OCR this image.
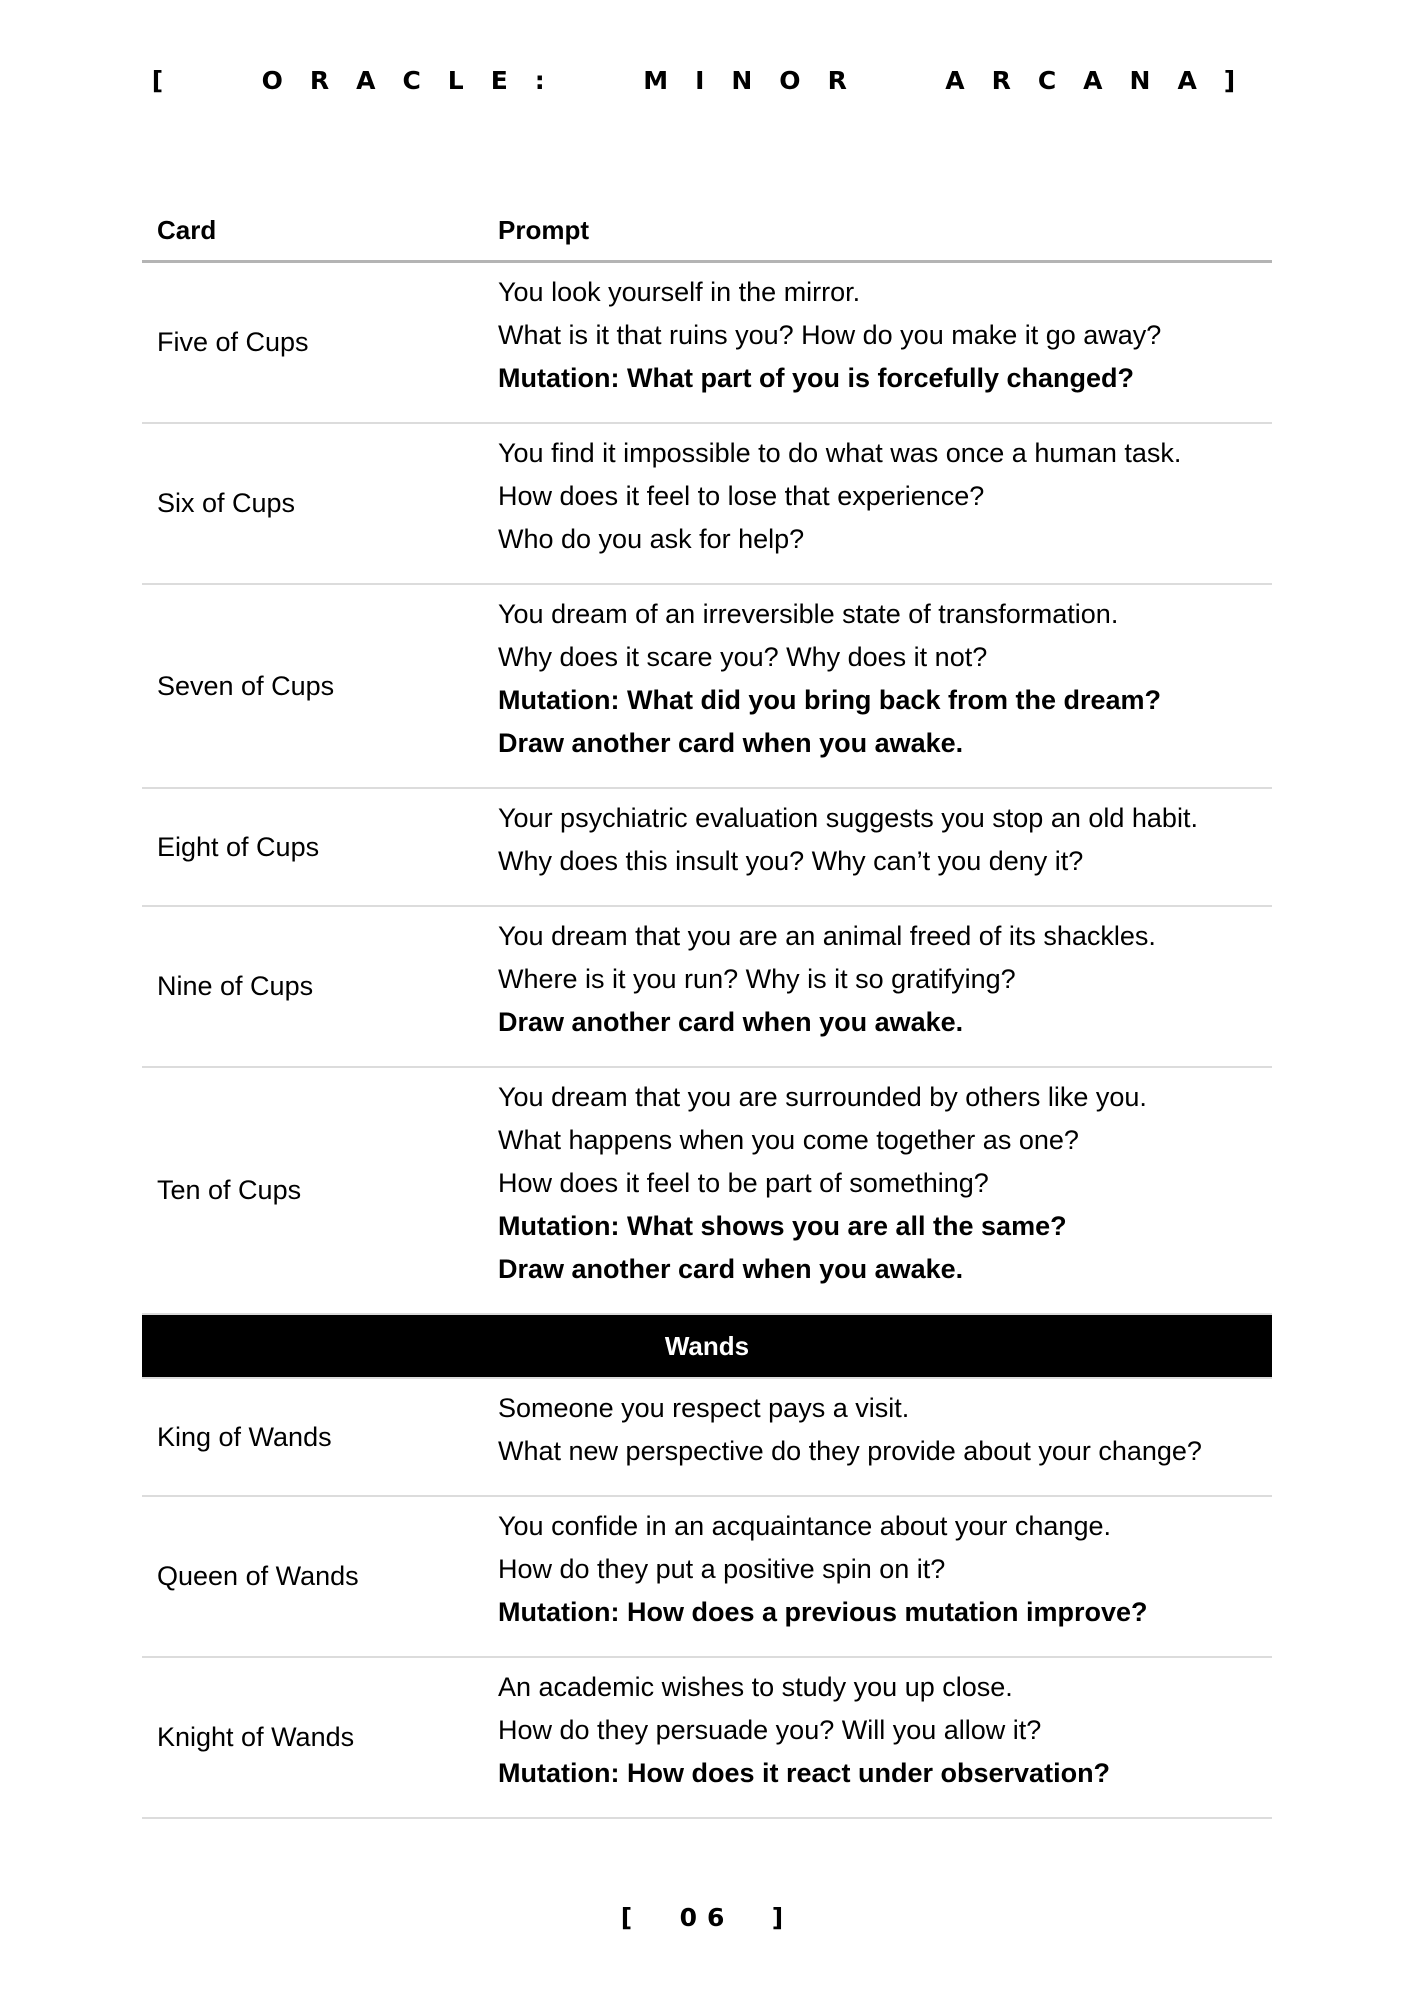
[  ORACLE:  MINOR  ARCANA]
Card	Prompt
Five of Cups
You look yourself in the mirror.
What is it that ruins you? How do you make it go away?
Mutation: What part of you is forcefully changed?
Six of Cups
You find it impossible to do what was once a human task.
How does it feel to lose that experience?
Who do you ask for help?
Seven of Cups
You dream of an irreversible state of transformation.
Why does it scare you? Why does it not?
Mutation: What did you bring back from the dream?
Draw another card when you awake.
Eight of Cups
Your psychiatric evaluation suggests you stop an old habit.
Why does this insult you? Why can’t you deny it?
Nine of Cups
You dream that you are an animal freed of its shackles.
Where is it you run? Why is it so gratifying?
Draw another card when you awake.
Ten of Cups
You dream that you are surrounded by others like you.
What happens when you come together as one?
How does it feel to be part of something?
Mutation: What shows you are all the same?
Draw another card when you awake.
Wands
King of Wands
Someone you respect pays a visit.
What new perspective do they provide about your change?
Queen of Wands
You confide in an acquaintance about your change.
How do they put a positive spin on it?
Mutation: How does a previous mutation improve?
Knight of Wands
An academic wishes to study you up close.
How do they persuade you? Will you allow it?
Mutation: How does it react under observation?
[  06  ]
